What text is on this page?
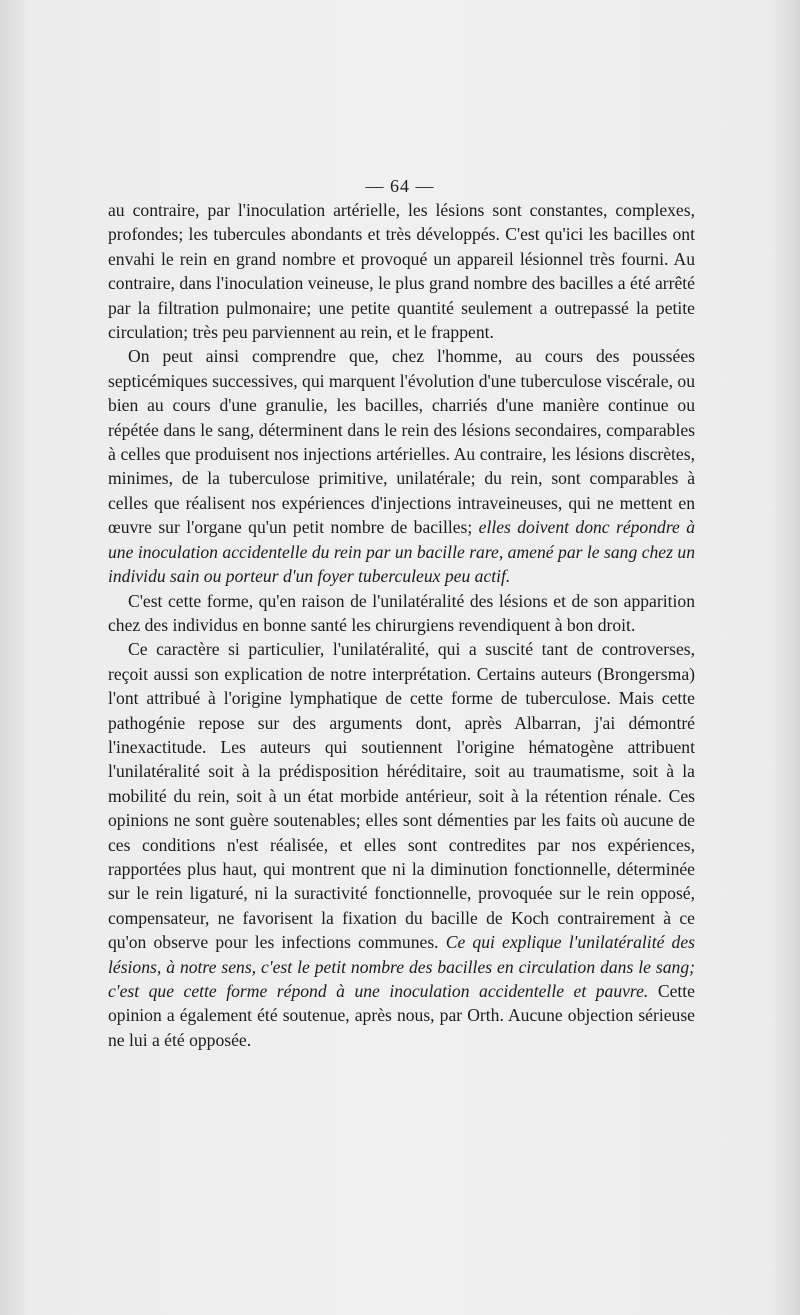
— 64 —

au contraire, par l'inoculation artérielle, les lésions sont constantes, complexes, profondes; les tubercules abondants et très développés. C'est qu'ici les bacilles ont envahi le rein en grand nombre et provoqué un appareil lésionnel très fourni. Au contraire, dans l'inoculation veineuse, le plus grand nombre des bacilles a été arrêté par la filtration pulmonaire; une petite quantité seulement a outrepassé la petite circulation; très peu parviennent au rein, et le frappent.

On peut ainsi comprendre que, chez l'homme, au cours des poussées septicémiques successives, qui marquent l'évolution d'une tuberculose viscérale, ou bien au cours d'une granulie, les bacilles, charriés d'une manière continue ou répétée dans le sang, déterminent dans le rein des lésions secondaires, comparables à celles que produisent nos injections artérielles. Au contraire, les lésions discrètes, minimes, de la tuberculose primitive, unilatérale; du rein, sont comparables à celles que réalisent nos expériences d'injections intraveineuses, qui ne mettent en œuvre sur l'organe qu'un petit nombre de bacilles; elles doivent donc répondre à une inoculation accidentelle du rein par un bacille rare, amené par le sang chez un individu sain ou porteur d'un foyer tuberculeux peu actif.

C'est cette forme, qu'en raison de l'unilatéralité des lésions et de son apparition chez des individus en bonne santé les chirurgiens revendiquent à bon droit.

Ce caractère si particulier, l'unilatéralité, qui a suscité tant de controverses, reçoit aussi son explication de notre interprétation. Certains auteurs (Brongersma) l'ont attribué à l'origine lymphatique de cette forme de tuberculose. Mais cette pathogénie repose sur des arguments dont, après Albarran, j'ai démontré l'inexactitude. Les auteurs qui soutiennent l'origine hématogène attribuent l'unilatéralité soit à la prédisposition héréditaire, soit au traumatisme, soit à la mobilité du rein, soit à un état morbide antérieur, soit à la rétention rénale. Ces opinions ne sont guère soutenables; elles sont démenties par les faits où aucune de ces conditions n'est réalisée, et elles sont contredites par nos expériences, rapportées plus haut, qui montrent que ni la diminution fonctionnelle, déterminée sur le rein ligaturé, ni la suractivité fonctionnelle, provoquée sur le rein opposé, compensateur, ne favorisent la fixation du bacille de Koch contrairement à ce qu'on observe pour les infections communes. Ce qui explique l'unilatéralité des lésions, à notre sens, c'est le petit nombre des bacilles en circulation dans le sang; c'est que cette forme répond à une inoculation accidentelle et pauvre. Cette opinion a également été soutenue, après nous, par Orth. Aucune objection sérieuse ne lui a été opposée.
